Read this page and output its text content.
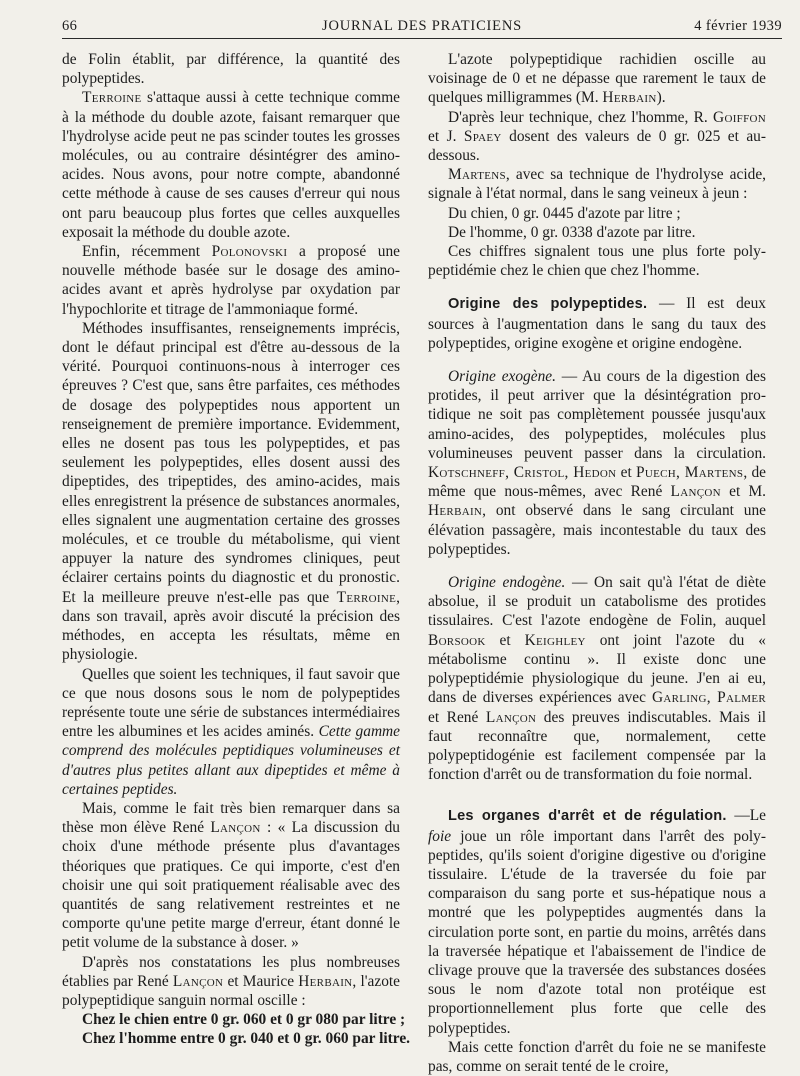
66	JOURNAL DES PRATICIENS	4 février 1939

de Folin établit, par différence, la quantité des polypeptides.

Terroine s'attaque aussi à cette technique comme à la méthode du double azote, faisant remarquer que l'hydrolyse acide peut ne pas scinder toutes les grosses molécules, ou au contraire désintégrer des amino-acides. Nous avons, pour notre compte, abandonné cette méthode à cause de ses causes d'erreur qui nous ont paru beaucoup plus fortes que celles auxquelles exposait la méthode du double azote.

Enfin, récemment Polonovski a proposé une nouvelle méthode basée sur le dosage des amino-acides avant et après hydrolyse par oxydation par l'hypochlorite et titrage de l'ammoniaque formé.

Méthodes insuffisantes, renseignements imprécis, dont le défaut principal est d'être au-dessous de la vérité. Pourquoi continuons-nous à interroger ces épreuves ? C'est que, sans être parfaites, ces méthodes de dosage des polypeptides nous apportent un renseignement de première importance. Evidemment, elles ne dosent pas tous les polypeptides, et pas seulement les polypeptides, elles dosent aussi des dipeptides, des tripeptides, des amino-acides, mais elles enregistrent la présence de substances anormales, elles signalent une augmentation certaine des grosses molécules, et ce trouble du métabolisme, qui vient appuyer la nature des syndromes cliniques, peut éclairer certains points du diagnostic et du pronostic. Et la meilleure preuve n'est-elle pas que Terroine, dans son travail, après avoir discuté la précision des méthodes, en accepta les résultats, même en physiologie.

Quelles que soient les techniques, il faut savoir que ce que nous dosons sous le nom de polypeptides représente toute une série de substances intermédiaires entre les albumines et les acides aminés. Cette gamme comprend des molécules peptidiques volumineuses et d'autres plus petites allant aux dipeptides et même à certaines peptides.

Mais, comme le fait très bien remarquer dans sa thèse mon élève René Lançon : « La discussion du choix d'une méthode présente plus d'avantages théoriques que pratiques. Ce qui importe, c'est d'en choisir une qui soit pratiquement réalisable avec des quantités de sang relativement restreintes et ne comporte qu'une petite marge d'erreur, étant donné le petit volume de la substance à doser. »

D'après nos constatations les plus nombreuses établies par René Lançon et Maurice Herbain, l'azote polypeptidique sanguin normal oscille :

Chez le chien entre 0 gr. 060 et 0 gr 080 par litre ;
Chez l'homme entre 0 gr. 040 et 0 gr. 060 par litre.

L'azote polypeptidique rachidien oscille au voisinage de 0 et ne dépasse que rarement le taux de quelques milligrammes (M. Herbain).

D'après leur technique, chez l'homme, R. Goiffon et J. Spaey dosent des valeurs de 0 gr. 025 et au-dessous.

Martens, avec sa technique de l'hydrolyse acide, signale à l'état normal, dans le sang veineux à jeun :

Du chien, 0 gr. 0445 d'azote par litre ;
De l'homme, 0 gr. 0338 d'azote par litre.

Ces chiffres signalent tous une plus forte polypeptidémie chez le chien que chez l'homme.

Origine des polypeptides. — Il est deux sources à l'augmentation dans le sang du taux des polypeptides, origine exogène et origine endogène.

Origine exogène. — Au cours de la digestion des protides, il peut arriver que la désintégration protidique ne soit pas complètement poussée jusqu'aux amino-acides, des polypeptides, molécules plus volumineuses peuvent passer dans la circulation. Kotschneff, Cristol, Hedon et Puech, Martens, de même que nous-mêmes, avec René Lançon et M. Herbain, ont observé dans le sang circulant une élévation passagère, mais incontestable du taux des polypeptides.

Origine endogène. — On sait qu'à l'état de diète absolue, il se produit un catabolisme des protides tissulaires. C'est l'azote endogène de Folin, auquel Borsook et Keighley ont joint l'azote du « métabolisme continu ». Il existe donc une polypeptidémie physiologique du jeune. J'en ai eu, dans de diverses expériences avec Garling, Palmer et René Lançon des preuves indiscutables. Mais il faut reconnaître que, normalement, cette polypeptidogénie est facilement compensée par la fonction d'arrêt ou de transformation du foie normal.

Les organes d'arrêt et de régulation. —Le foie joue un rôle important dans l'arrêt des polypeptides, qu'ils soient d'origine digestive ou d'origine tissulaire. L'étude de la traversée du foie par comparaison du sang porte et sus-hépatique nous a montré que les polypeptides augmentés dans la circulation porte sont, en partie du moins, arrêtés dans la traversée hépatique et l'abaissement de l'indice de clivage prouve que la traversée des substances dosées sous le nom d'azote total non protéique est proportionnellement plus forte que celle des polypeptides.

Mais cette fonction d'arrêt du foie ne se manifeste pas, comme on serait tenté de le croire,
